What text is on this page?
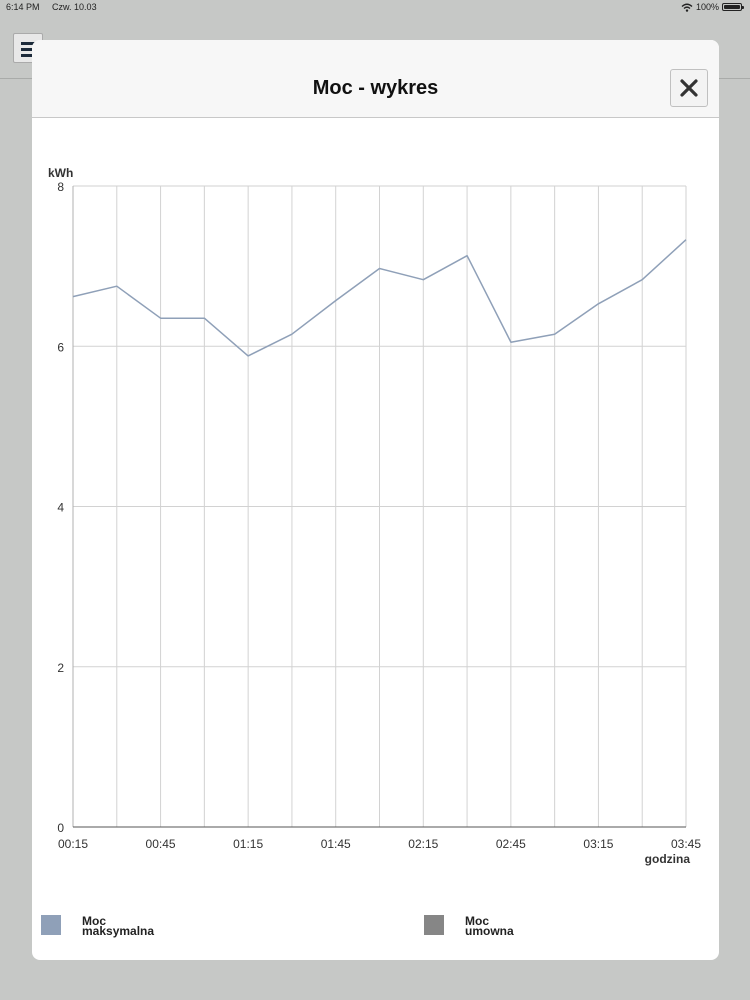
6:14 PM Czw. 10.03	100%
Moc - wykres
0
2
4
6
8
00:15	00:45	01:15	01:45	02:15	02:45	03:15	03:45
kWh
godzina
Moc
maksymalna
Moc
umowna
